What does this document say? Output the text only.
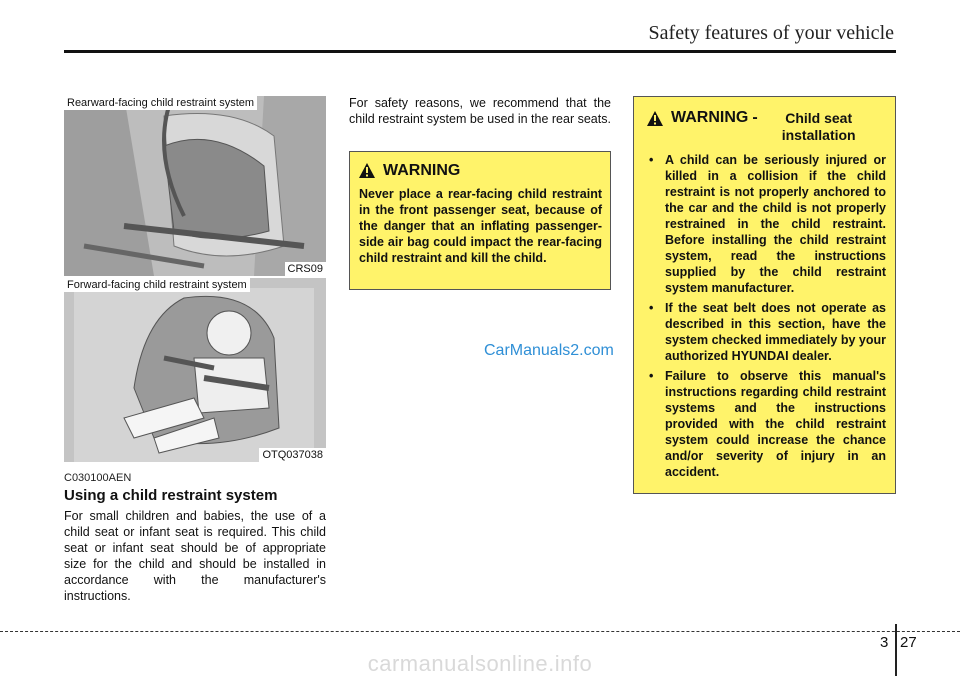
Safety features of your vehicle
Rearward-facing child restraint system
CRS09
Forward-facing child restraint system
OTQ037038
C030100AEN
Using a child restraint system
For small children and babies, the use of a child seat or infant seat is required. This child seat or infant seat should be of appropriate size for the child and should be installed in accordance with the manufacturer's instructions.
For safety reasons, we recommend that the child restraint system be used in the rear seats.
WARNING
Never place a rear-facing child restraint in the front passenger seat, because of the danger that an inflating passenger-side air bag could impact the rear-facing child restraint and kill the child.
WARNING -	Child seat installation
• A child can be seriously injured or killed in a collision if the child restraint is not properly anchored to the car and the child is not properly restrained in the child restraint. Before installing the child restraint system, read the instructions supplied by the child restraint system manufacturer.
• If the seat belt does not operate as described in this section, have the system checked immediately by your authorized HYUNDAI dealer.
• Failure to observe this manual's instructions regarding child restraint systems and the instructions provided with the child restraint system could increase the chance and/or severity of injury in an accident.
CarManuals2.com
3 27
carmanualsonline.info
